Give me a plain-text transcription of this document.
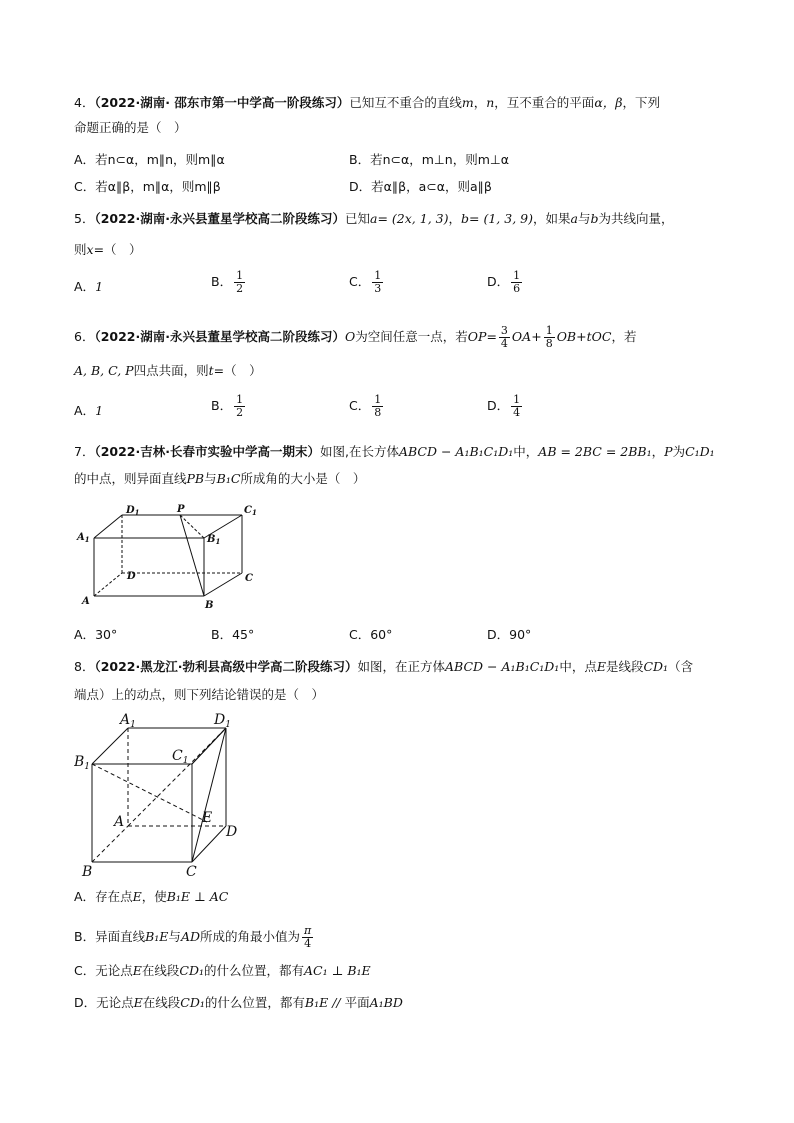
4．（2022·湖南· 邵东市第一中学高一阶段练习）已知互不重合的直线m，n，互不重合的平面α，β，下列
命题正确的是（　）
A．若n⊂α，m∥n，则m∥α	B．若n⊂α，m⊥n，则m⊥α
C．若α∥β，m∥α，则m∥β	D．若α∥β，a⊂α，则a∥β
5．（2022·湖南·永兴县董星学校高二阶段练习）已知a= (2x, 1, 3)，b= (1, 3, 9)，如果a与b为共线向量，
则x=（　）
A．1	B． $\frac{1}{2}$	C． $\frac{1}{3}$	D． $\frac{1}{6}$
6．（2022·湖南·永兴县董星学校高二阶段练习）O为空间任意一点，若$OP= \frac{3}{4} OA+ \frac{1}{8} OB+tOC$，若
A, B, C, P四点共面，则t=（　）
A．1	B． $\frac{1}{2}$	C． $\frac{1}{8}$	D． $\frac{1}{4}$
7．（2022·吉林·长春市实验中学高一期末）如图,在长方体ABCD − A₁B₁C₁D₁中，AB = 2BC = 2BB₁，P为C₁D₁
的中点，则异面直线PB与B₁C所成角的大小是（　）
$D_1$	P	$C_1$
$A_1$	$B_1$
D	C
A	B
A．30°	B．45°	C．60°	D．90°
8．（2022·黑龙江·勃利县高级中学高二阶段练习）如图，在正方体ABCD − A₁B₁C₁D₁中，点E是线段CD₁（含
端点）上的动点，则下列结论错误的是（　）
$A_1$	$D_1$
$B_1$
$C_1$
A	E
D
B	C
A．存在点E，使B₁E ⊥ AC
B．异面直线B₁E与AD所成的角最小值为 $\frac{\pi}{4}$
C．无论点E在线段CD₁的什么位置，都有AC₁ ⊥ B₁E
D．无论点E在线段CD₁的什么位置，都有B₁E // 平面A₁BD
